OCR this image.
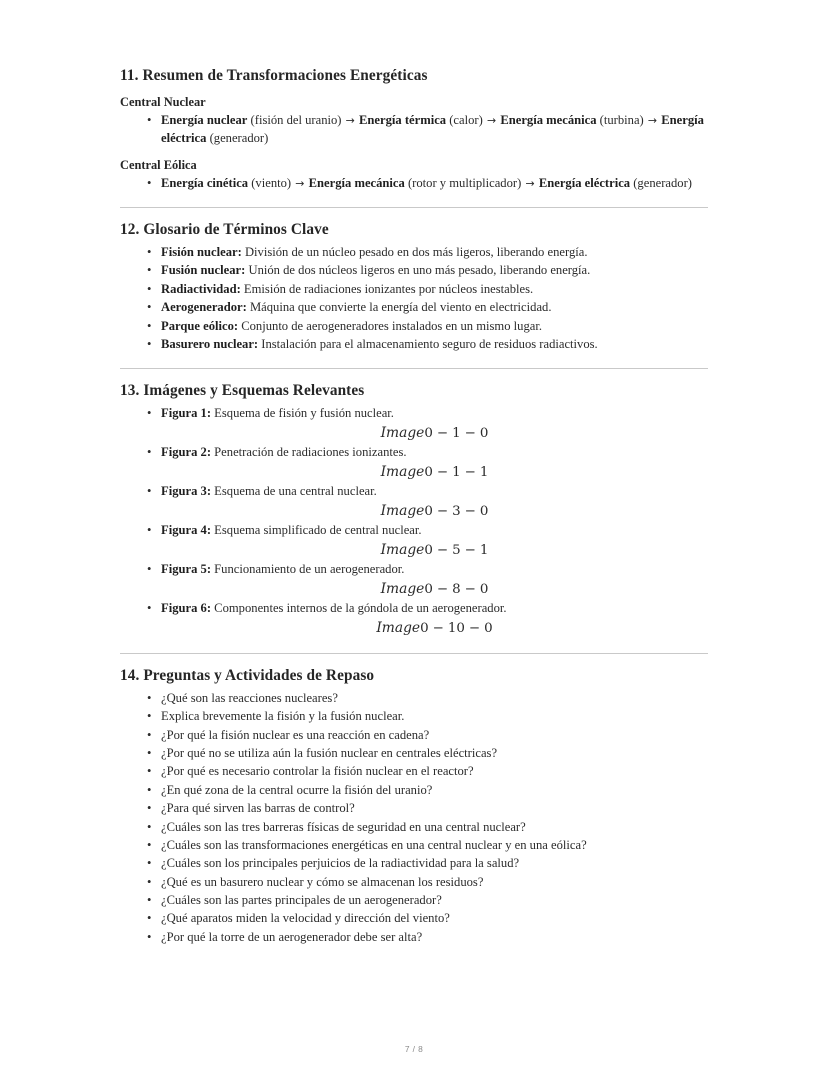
11. Resumen de Transformaciones Energéticas
Central Nuclear
• Energía nuclear (fisión del uranio) → Energía térmica (calor) → Energía mecánica (turbina) → Energía eléctrica (generador)
Central Eólica
• Energía cinética (viento) → Energía mecánica (rotor y multiplicador) → Energía eléctrica (generador)
12. Glosario de Términos Clave
• Fisión nuclear: División de un núcleo pesado en dos más ligeros, liberando energía.
• Fusión nuclear: Unión de dos núcleos ligeros en uno más pesado, liberando energía.
• Radiactividad: Emisión de radiaciones ionizantes por núcleos inestables.
• Aerogenerador: Máquina que convierte la energía del viento en electricidad.
• Parque eólico: Conjunto de aerogeneradores instalados en un mismo lugar.
• Basurero nuclear: Instalación para el almacenamiento seguro de residuos radiactivos.
13. Imágenes y Esquemas Relevantes
• Figura 1: Esquema de fisión y fusión nuclear.
Image0 − 1 − 0
• Figura 2: Penetración de radiaciones ionizantes.
Image0 − 1 − 1
• Figura 3: Esquema de una central nuclear.
Image0 − 3 − 0
• Figura 4: Esquema simplificado de central nuclear.
Image0 − 5 − 1
• Figura 5: Funcionamiento de un aerogenerador.
Image0 − 8 − 0
• Figura 6: Componentes internos de la góndola de un aerogenerador.
Image0 − 10 − 0
14. Preguntas y Actividades de Repaso
• ¿Qué son las reacciones nucleares?
• Explica brevemente la fisión y la fusión nuclear.
• ¿Por qué la fisión nuclear es una reacción en cadena?
• ¿Por qué no se utiliza aún la fusión nuclear en centrales eléctricas?
• ¿Por qué es necesario controlar la fisión nuclear en el reactor?
• ¿En qué zona de la central ocurre la fisión del uranio?
• ¿Para qué sirven las barras de control?
• ¿Cuáles son las tres barreras físicas de seguridad en una central nuclear?
• ¿Cuáles son las transformaciones energéticas en una central nuclear y en una eólica?
• ¿Cuáles son los principales perjuicios de la radiactividad para la salud?
• ¿Qué es un basurero nuclear y cómo se almacenan los residuos?
• ¿Cuáles son las partes principales de un aerogenerador?
• ¿Qué aparatos miden la velocidad y dirección del viento?
• ¿Por qué la torre de un aerogenerador debe ser alta?
7 / 8
